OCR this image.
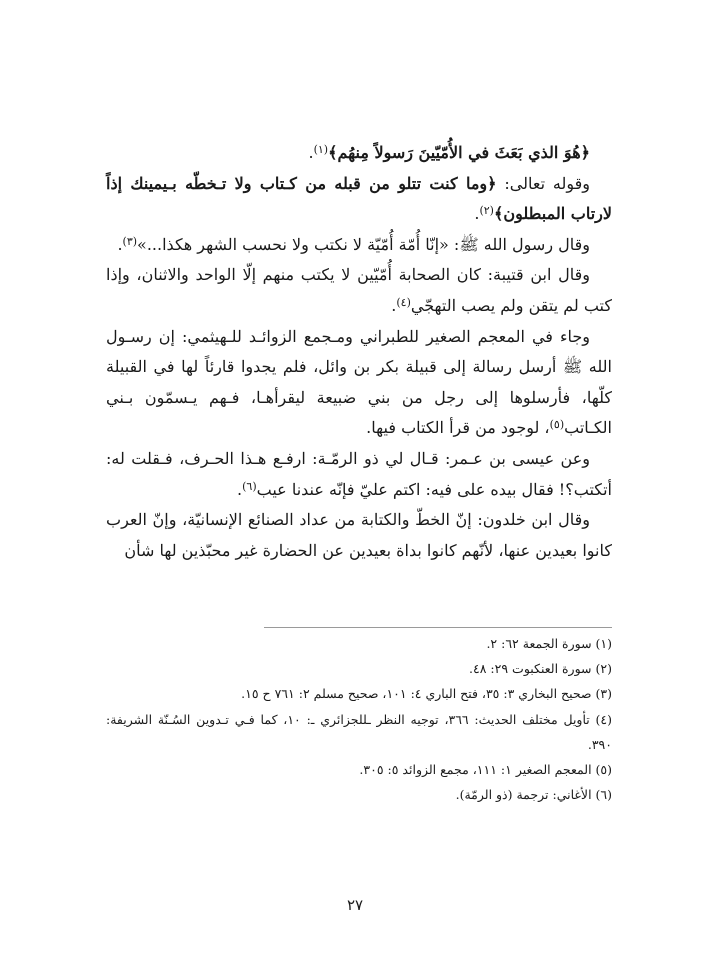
﴿هُوَ الذي بَعَثَ في الأُمّيّينَ رَسولاً مِنهُم﴾$^{(١)}$.

وقوله تعالى: ﴿وما كنت تتلو من قبله من كـتاب ولا تـخطّه بـيمينك إذاً لارتاب المبطلون﴾$^{(٢)}$.

وقال رسول الله ﷺ: «إنّا أُمّة أُمّيّة لا نكتب ولا نحسب الشهر هكذا...»$^{(٣)}$.

وقال ابن قتيبة: كان الصحابة أُمّيّين لا يكتب منهم إلّا الواحد والاثنان، وإذا كتب لم يتقن ولم يصب التهجّي$^{(٤)}$.

وجاء في المعجم الصغير للطبراني ومـجمع الزوائـد للـهيثمي: إن رسـول الله ﷺ أرسل رسالة إلى قبيلة بكر بن وائل، فلم يجدوا قارئاً لها في القبيلة كلّها، فأرسلوها إلى رجل من بني ضبيعة ليقرأهـا، فـهم يـسمّون بـني الكـاتب$^{(٥)}$، لوجود من قرأ الكتاب فيها.

وعن عيسى بن عـمر: قـال لي ذو الرمّـة: ارفـع هـذا الحـرف، فـقلت له: أتكتب؟! فقال بيده على فيه: اكتم عليّ فإنّه عندنا عيب$^{(٦)}$.

وقال ابن خلدون: إنّ الخطّ والكتابة من عداد الصنائع الإنسانيّة، وإنّ العرب كانوا بعيدين عنها، لأنّهم كانوا بداة بعيدين عن الحضارة غير محبّذين لها شأن

(١) سورة الجمعة ٦٢: ٢.

(٢) سورة العنكبوت ٢٩: ٤٨.

(٣) صحيح البخاري ٣: ٣٥، فتح الباري ٤: ١٠١، صحيح مسلم ٢: ٧٦١ ح ١٥.

(٤) تأويل مختلف الحديث: ٣٦٦، توجيه النظر ـللجزائري ـ: ١٠، كما فـي تـدوين السُـنّة الشريفة: ٣٩٠.

(٥) المعجم الصغير ١: ١١١، مجمع الزوائد ٥: ٣٠٥.

(٦) الأغاني: ترجمة (ذو الرمّة).

٢٧
